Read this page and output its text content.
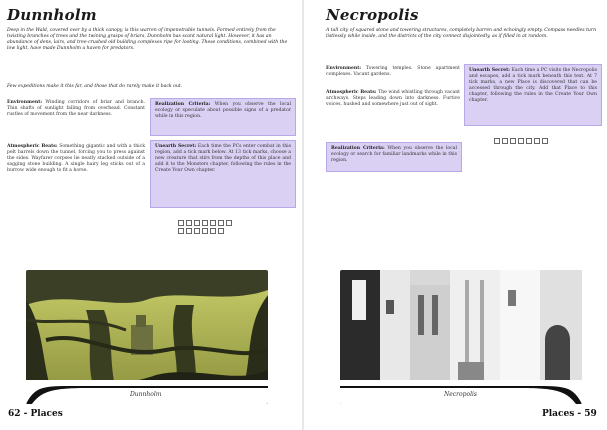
Dunnholm
Deep in the Wald, covered over by a thick canopy, is this warren of impenetrable tunnels. Formed entirely from the twisting branches of trees and the twining grasps of briars, Dunnholm has scant natural light. However, it has an abundance of dens, lairs, and tree-crushed old building complexes ripe for looting. These conditions, combined with the low light, have made Dunnholm a haven for predators.
Few expeditions make it this far, and those that do rarely make it back out.
Environment: Winding corridors of briar and branch. Thin shafts of sunlight falling from overhead. Constant rustles of movement from the near darkness.
Atmospheric Beats: Something gigantic and with a thick pelt barrels down the tunnel, forcing you to press against the sides. Wayfarer corpses lie neatly stacked outside of a sagging stone building. A single hairy leg sticks out of a burrow wide enough to fit a horse.
Realization Criteria: When you observe the local ecology or speculate about possible signs of a predator while in this region.
Unearth Secret: Each time the PCs enter combat in this region, add a tick mark below. At 13 tick marks, choose a new creature that stirs from the depths of this place and add it to the Monsters chapter, following the rules in the Create Your Own chapter.
Dunnholm
62 - Places
Necropolis
A tall city of squared stone and towering structures, completely barren and echoingly empty. Compass needles turn listlessly while inside, and the districts of the city connect disjointedly, as if filled in at random.
Environment: Towering temples. Stone apartment complexes. Vacant gardens.
Atmospheric Beats: The wind whistling through vacant archways. Steps leading down into darkness. Furtive voices, hushed and somewhere just out of sight.
Realization Criteria: When you observe the local ecology or search for familiar landmarks while in this region.
Unearth Secret: Each time a PC visits the Necropolis and escapes, add a tick mark beneath this text. At 7 tick marks, a new Place is discovered that can be accessed through the city. Add that Place to this chapter, following the rules in the Create Your Own chapter.
Necropolis
Places - 59
